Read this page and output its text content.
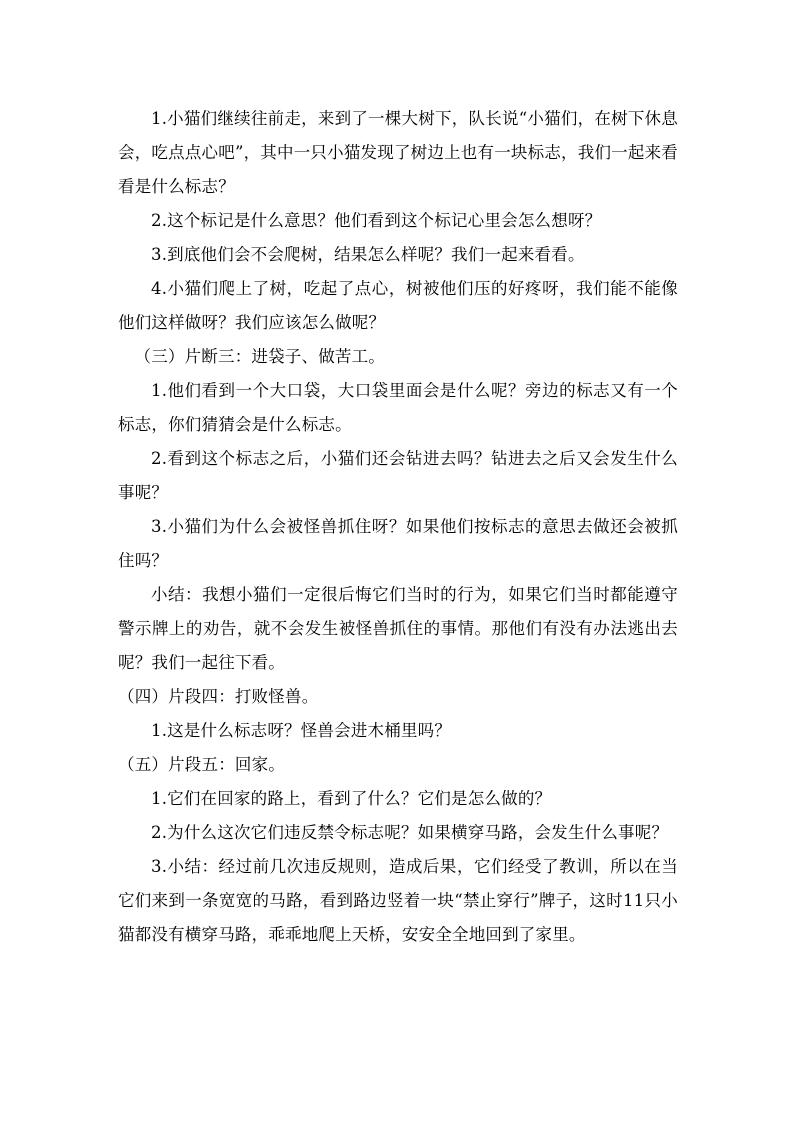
1.小猫们继续往前走，来到了一棵大树下，队长说“小猫们，在树下休息会，吃点点心吧”，其中一只小猫发现了树边上也有一块标志，我们一起来看看是什么标志？

2.这个标记是什么意思？他们看到这个标记心里会怎么想呀？

3.到底他们会不会爬树，结果怎么样呢？我们一起来看看。

4.小猫们爬上了树，吃起了点心，树被他们压的好疼呀，我们能不能像他们这样做呀？我们应该怎么做呢？

（三）片断三：进袋子、做苦工。

1.他们看到一个大口袋，大口袋里面会是什么呢？旁边的标志又有一个标志，你们猜猜会是什么标志。

2.看到这个标志之后，小猫们还会钻进去吗？钻进去之后又会发生什么事呢？

3.小猫们为什么会被怪兽抓住呀？如果他们按标志的意思去做还会被抓住吗？

小结：我想小猫们一定很后悔它们当时的行为，如果它们当时都能遵守警示牌上的劝告，就不会发生被怪兽抓住的事情。那他们有没有办法逃出去呢？我们一起往下看。

（四）片段四：打败怪兽。

1.这是什么标志呀？怪兽会进木桶里吗？

（五）片段五：回家。

1.它们在回家的路上，看到了什么？它们是怎么做的？

2.为什么这次它们违反禁令标志呢？如果横穿马路，会发生什么事呢？

3.小结：经过前几次违反规则，造成后果，它们经受了教训，所以在当它们来到一条宽宽的马路，看到路边竖着一块“禁止穿行”牌子，这时11只小猫都没有横穿马路，乖乖地爬上天桥，安安全全地回到了家里。
